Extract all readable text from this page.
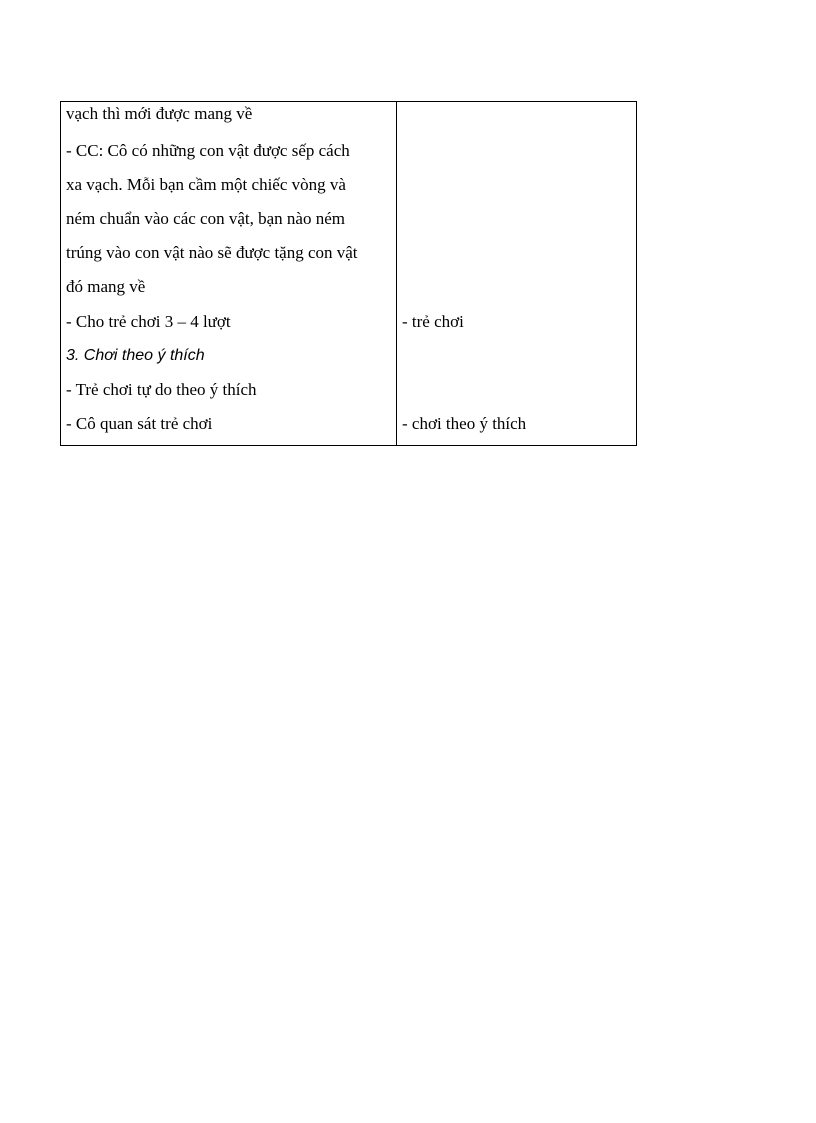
vạch thì mới được mang về
- CC: Cô có những con vật được sếp cách
xa vạch. Mỗi bạn cầm một chiếc vòng và
ném chuẩn vào các con vật, bạn nào ném
trúng vào con vật nào sẽ được tặng con vật
đó mang về
- Cho trẻ chơi 3 – 4 lượt
3. Chơi theo ý thích
- Trẻ chơi tự do theo ý thích
- Cô quan sát trẻ chơi
- trẻ chơi
- chơi theo ý thích
